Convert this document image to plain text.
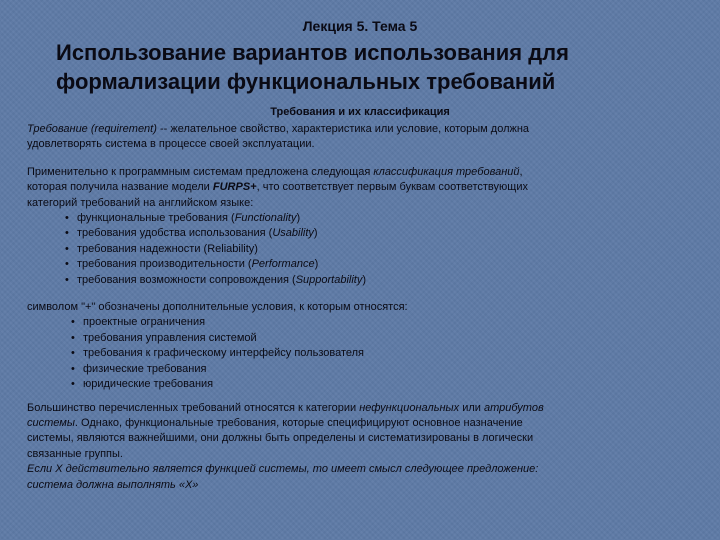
Лекция 5. Тема 5
Использование вариантов использования для
формализации функциональных требований
Требования и их классификация

Требование (requirement) -- желательное свойство, характеристика или условие, которым должна
удовлетворять система в процессе своей эксплуатации.

Применительно к программным системам предложена следующая классификация требований,
которая получила название модели FURPS+, что соответствует первым буквам соответствующих
категорий требований на английском языке:

• функциональные требования (Functionality)
• требования удобства использования (Usability)
• требования надежности (Reliability)
• требования производительности (Performance)
• требования возможности сопровождения (Supportability)

символом "+" обозначены дополнительные условия, к которым относятся:

• проектные ограничения
• требования управления системой
• требования к графическому интерфейсу пользователя
• физические требования
• юридические требования

Большинство перечисленных требований относятся к категории нефункциональных или атрибутов
системы. Однако, функциональные требования, которые специфицируют основное назначение
системы, являются важнейшими, они должны быть определены и систематизированы в логически
связанные группы.
Если X действительно является функцией системы, то имеет смысл следующее предложение:
система должна выполнять «X»
